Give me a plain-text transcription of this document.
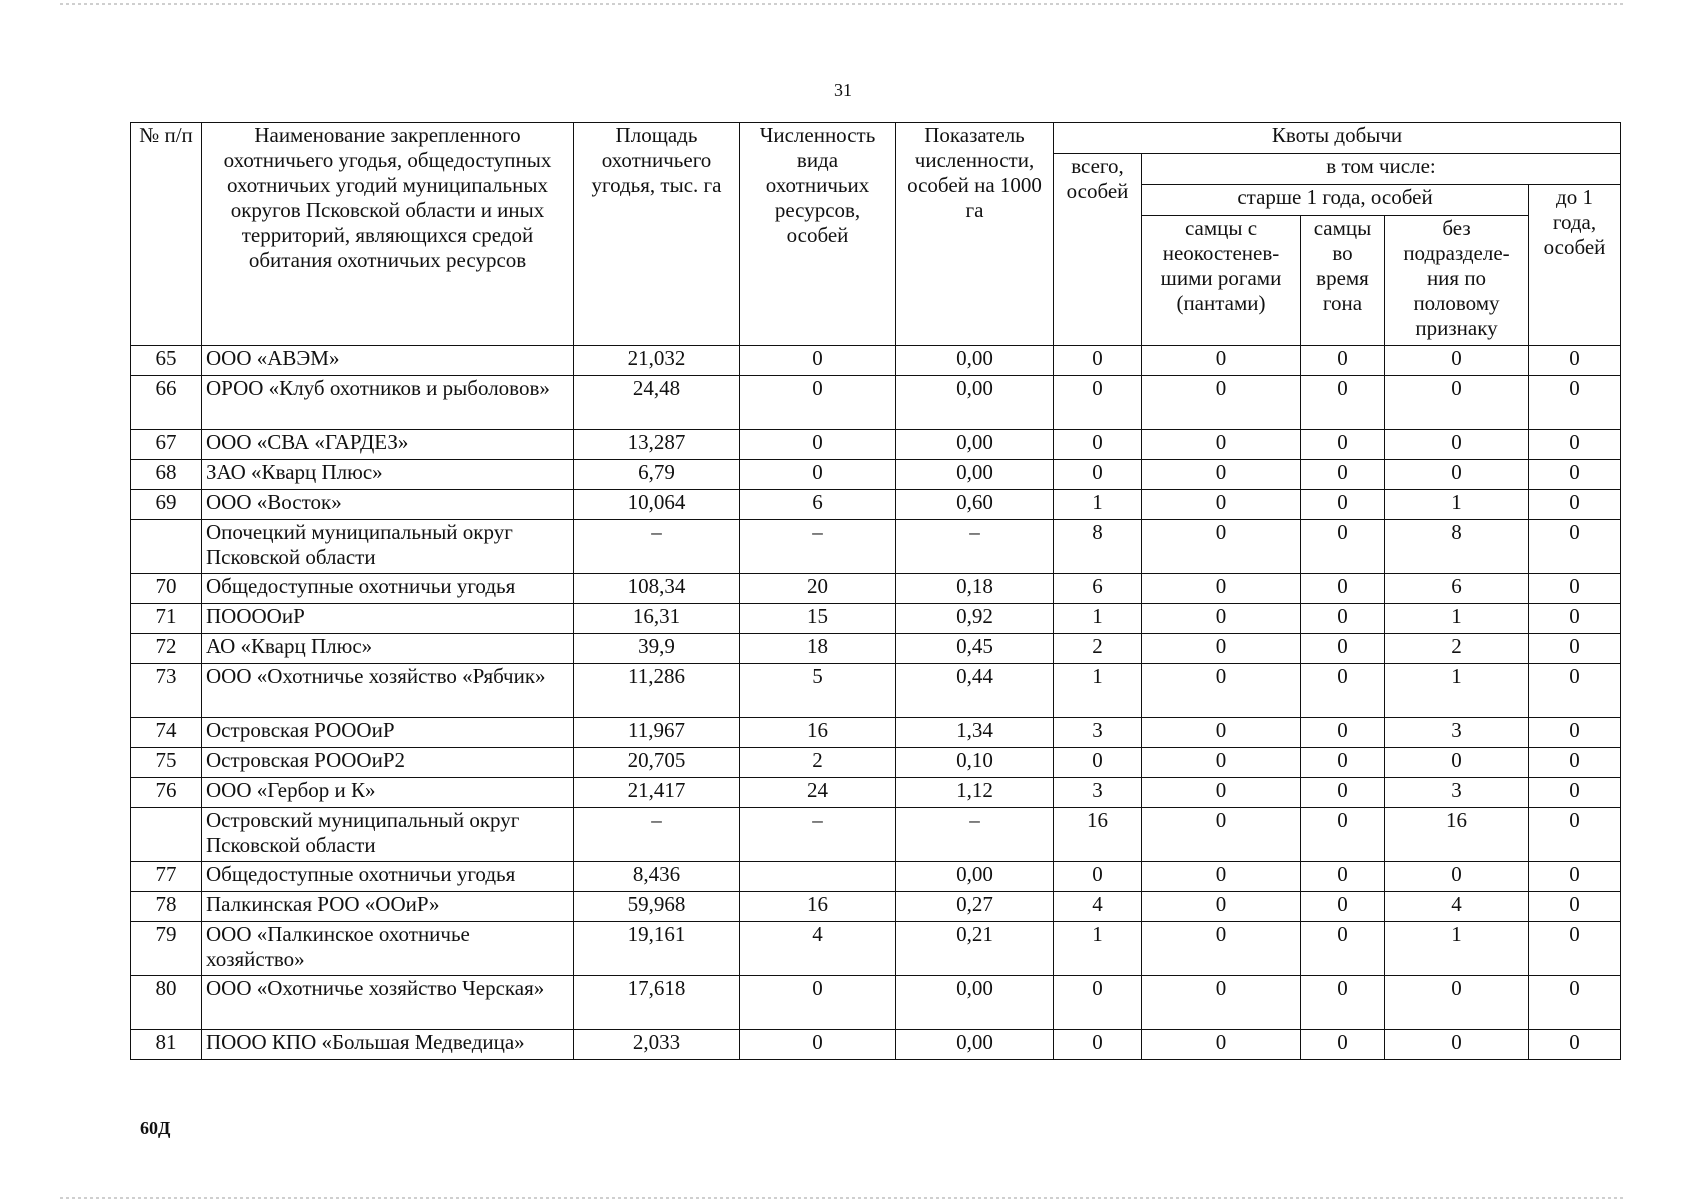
31
№ п/п	Наименование закрепленного охотничьего угодья, общедоступных охотничьих угодий муниципальных округов Псковской области и иных территорий, являющихся средой обитания охотничьих ресурсов	Площадь охотничьего угодья, тыс. га	Численность вида охотничьих ресурсов, особей	Показатель численности, особей на 1000 га	Квоты добычи				
					всего, особей	в том числе:			
						старше 1 года, особей			до 1 года, особей
						самцы с неокостенев-шими рогами (пантами)	самцы во время гона	без подразделе-ния по половому признаку	
65	ООО «АВЭМ»	21,032	0	0,00	0	0	0	0	0
66	ОРОО «Клуб охотников и рыболовов»	24,48	0	0,00	0	0	0	0	0
67	ООО «СВА «ГАРДЕЗ»	13,287	0	0,00	0	0	0	0	0
68	ЗАО «Кварц Плюс»	6,79	0	0,00	0	0	0	0	0
69	ООО «Восток»	10,064	6	0,60	1	0	0	1	0
	Опочецкий муниципальный округ Псковской области	–	–	–	8	0	0	8	0
70	Общедоступные охотничьи угодья	108,34	20	0,18	6	0	0	6	0
71	ПООООиР	16,31	15	0,92	1	0	0	1	0
72	АО «Кварц Плюс»	39,9	18	0,45	2	0	0	2	0
73	ООО «Охотничье хозяйство «Рябчик»	11,286	5	0,44	1	0	0	1	0
74	Островская РОООиР	11,967	16	1,34	3	0	0	3	0
75	Островская РОООиР2	20,705	2	0,10	0	0	0	0	0
76	ООО «Гербор и К»	21,417	24	1,12	3	0	0	3	0
	Островский муниципальный округ Псковской области	–	–	–	16	0	0	16	0
77	Общедоступные охотничьи угодья	8,436		0,00	0	0	0	0	0
78	Палкинская РОО «ООиР»	59,968	16	0,27	4	0	0	4	0
79	ООО «Палкинское охотничье хозяйство»	19,161	4	0,21	1	0	0	1	0
80	ООО «Охотничье хозяйство Черская»	17,618	0	0,00	0	0	0	0	0
81	ПООО КПО «Большая Медведица»	2,033	0	0,00	0	0	0	0	0
60Д
